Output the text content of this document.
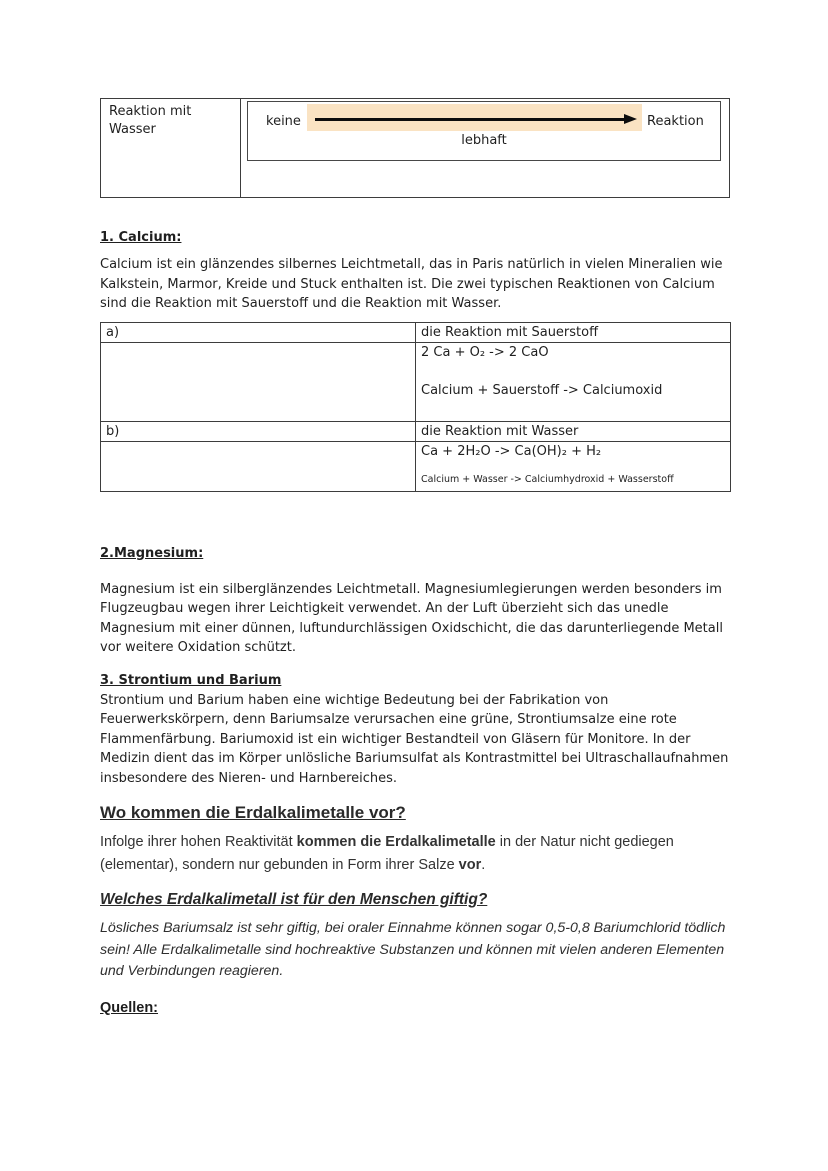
Reaktion mit Wasser
keine	Reaktion
lebhaft
1. Calcium:

Calcium ist ein glänzendes silbernes Leichtmetall, das in Paris natürlich in vielen Mineralien wie Kalkstein, Marmor, Kreide und Stuck enthalten ist. Die zwei typischen Reaktionen von Calcium sind die Reaktion mit Sauerstoff und die Reaktion mit Wasser.

a)	die Reaktion mit Sauerstoff

	2 Ca + O₂ -> 2 CaO
Calcium + Sauerstoff -> Calciumoxid

b)	die Reaktion mit Wasser

	Ca + 2H₂O -> Ca(OH)₂ + H₂
Calcium + Wasser -> Calciumhydroxid + Wasserstoff
2.Magnesium:

Magnesium ist ein silberglänzendes Leichtmetall. Magnesiumlegierungen werden besonders im Flugzeugbau wegen ihrer Leichtigkeit verwendet. An der Luft überzieht sich das unedle Magnesium mit einer dünnen, luftundurchlässigen Oxidschicht, die das darunterliegende Metall vor weitere Oxidation schützt.

3. Strontium und Barium

Strontium und Barium haben eine wichtige Bedeutung bei der Fabrikation von Feuerwerkskörpern, denn Bariumsalze verursachen eine grüne, Strontiumsalze eine rote Flammenfärbung. Bariumoxid ist ein wichtiger Bestandteil von Gläsern für Monitore. In der Medizin dient das im Körper unlösliche Bariumsulfat als Kontrastmittel bei Ultraschallaufnahmen insbesondere des Nieren- und Harnbereiches.

Wo kommen die Erdalkalimetalle vor?

Infolge ihrer hohen Reaktivität kommen die Erdalkalimetalle in der Natur nicht gediegen (elementar), sondern nur gebunden in Form ihrer Salze vor.

Welches Erdalkalimetall ist für den Menschen giftig?

Lösliches Bariumsalz ist sehr giftig, bei oraler Einnahme können sogar 0,5-0,8 Bariumchlorid tödlich sein! Alle Erdalkalimetalle sind hochreaktive Substanzen und können mit vielen anderen Elementen und Verbindungen reagieren.

Quellen:
